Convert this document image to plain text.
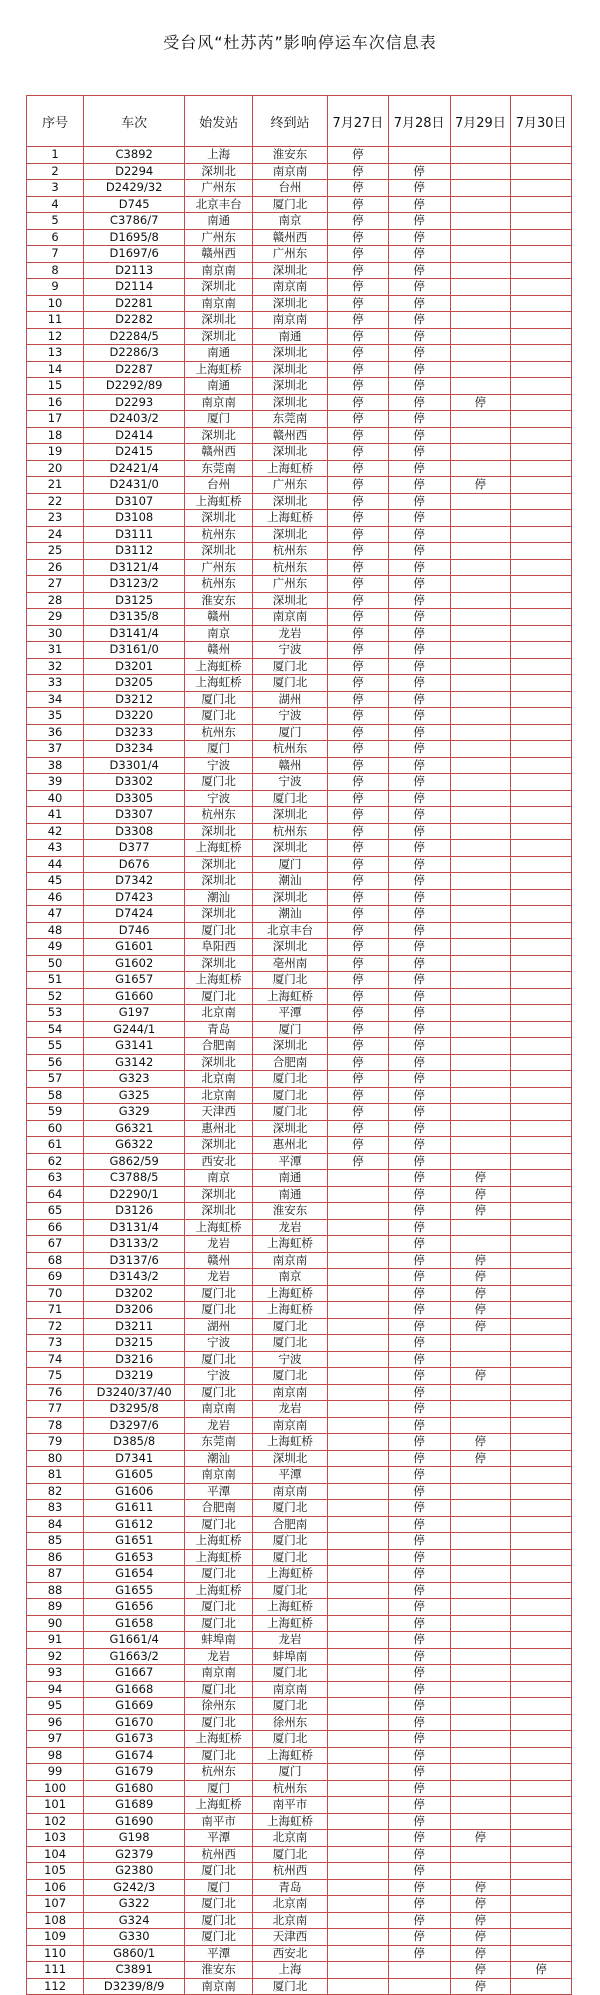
受台风“杜苏芮”影响停运车次信息表
序号	车次	始发站	终到站	7月27日	7月28日	7月29日	7月30日
1	C3892	上海	淮安东	停			
2	D2294	深圳北	南京南	停	停		
3	D2429/32	广州东	台州	停	停		
4	D745	北京丰台	厦门北	停	停		
5	C3786/7	南通	南京	停	停		
6	D1695/8	广州东	赣州西	停	停		
7	D1697/6	赣州西	广州东	停	停		
8	D2113	南京南	深圳北	停	停		
9	D2114	深圳北	南京南	停	停		
10	D2281	南京南	深圳北	停	停		
11	D2282	深圳北	南京南	停	停		
12	D2284/5	深圳北	南通	停	停		
13	D2286/3	南通	深圳北	停	停		
14	D2287	上海虹桥	深圳北	停	停		
15	D2292/89	南通	深圳北	停	停		
16	D2293	南京南	深圳北	停	停	停	
17	D2403/2	厦门	东莞南	停	停		
18	D2414	深圳北	赣州西	停	停		
19	D2415	赣州西	深圳北	停	停		
20	D2421/4	东莞南	上海虹桥	停	停		
21	D2431/0	台州	广州东	停	停	停	
22	D3107	上海虹桥	深圳北	停	停		
23	D3108	深圳北	上海虹桥	停	停		
24	D3111	杭州东	深圳北	停	停		
25	D3112	深圳北	杭州东	停	停		
26	D3121/4	广州东	杭州东	停	停		
27	D3123/2	杭州东	广州东	停	停		
28	D3125	淮安东	深圳北	停	停		
29	D3135/8	赣州	南京南	停	停		
30	D3141/4	南京	龙岩	停	停		
31	D3161/0	赣州	宁波	停	停		
32	D3201	上海虹桥	厦门北	停	停		
33	D3205	上海虹桥	厦门北	停	停		
34	D3212	厦门北	湖州	停	停		
35	D3220	厦门北	宁波	停	停		
36	D3233	杭州东	厦门	停	停		
37	D3234	厦门	杭州东	停	停		
38	D3301/4	宁波	赣州	停	停		
39	D3302	厦门北	宁波	停	停		
40	D3305	宁波	厦门北	停	停		
41	D3307	杭州东	深圳北	停	停		
42	D3308	深圳北	杭州东	停	停		
43	D377	上海虹桥	深圳北	停	停		
44	D676	深圳北	厦门	停	停		
45	D7342	深圳北	潮汕	停	停		
46	D7423	潮汕	深圳北	停	停		
47	D7424	深圳北	潮汕	停	停		
48	D746	厦门北	北京丰台	停	停		
49	G1601	阜阳西	深圳北	停	停		
50	G1602	深圳北	亳州南	停	停		
51	G1657	上海虹桥	厦门北	停	停		
52	G1660	厦门北	上海虹桥	停	停		
53	G197	北京南	平潭	停	停		
54	G244/1	青岛	厦门	停	停		
55	G3141	合肥南	深圳北	停	停		
56	G3142	深圳北	合肥南	停	停		
57	G323	北京南	厦门北	停	停		
58	G325	北京南	厦门北	停	停		
59	G329	天津西	厦门北	停	停		
60	G6321	惠州北	深圳北	停	停		
61	G6322	深圳北	惠州北	停	停		
62	G862/59	西安北	平潭	停	停		
63	C3788/5	南京	南通		停	停	
64	D2290/1	深圳北	南通		停	停	
65	D3126	深圳北	淮安东		停	停	
66	D3131/4	上海虹桥	龙岩		停		
67	D3133/2	龙岩	上海虹桥		停		
68	D3137/6	赣州	南京南		停	停	
69	D3143/2	龙岩	南京		停	停	
70	D3202	厦门北	上海虹桥		停	停	
71	D3206	厦门北	上海虹桥		停	停	
72	D3211	湖州	厦门北		停	停	
73	D3215	宁波	厦门北		停		
74	D3216	厦门北	宁波		停		
75	D3219	宁波	厦门北		停	停	
76	D3240/37/40	厦门北	南京南		停		
77	D3295/8	南京南	龙岩		停		
78	D3297/6	龙岩	南京南		停		
79	D385/8	东莞南	上海虹桥		停	停	
80	D7341	潮汕	深圳北		停	停	
81	G1605	南京南	平潭		停		
82	G1606	平潭	南京南		停		
83	G1611	合肥南	厦门北		停		
84	G1612	厦门北	合肥南		停		
85	G1651	上海虹桥	厦门北		停		
86	G1653	上海虹桥	厦门北		停		
87	G1654	厦门北	上海虹桥		停		
88	G1655	上海虹桥	厦门北		停		
89	G1656	厦门北	上海虹桥		停		
90	G1658	厦门北	上海虹桥		停		
91	G1661/4	蚌埠南	龙岩		停		
92	G1663/2	龙岩	蚌埠南		停		
93	G1667	南京南	厦门北		停		
94	G1668	厦门北	南京南		停		
95	G1669	徐州东	厦门北		停		
96	G1670	厦门北	徐州东		停		
97	G1673	上海虹桥	厦门北		停		
98	G1674	厦门北	上海虹桥		停		
99	G1679	杭州东	厦门		停		
100	G1680	厦门	杭州东		停		
101	G1689	上海虹桥	南平市		停		
102	G1690	南平市	上海虹桥		停		
103	G198	平潭	北京南		停	停	
104	G2379	杭州西	厦门北		停		
105	G2380	厦门北	杭州西		停		
106	G242/3	厦门	青岛		停	停	
107	G322	厦门北	北京南		停	停	
108	G324	厦门北	北京南		停	停	
109	G330	厦门北	天津西		停	停	
110	G860/1	平潭	西安北		停	停	
111	C3891	淮安东	上海			停	停
112	D3239/8/9	南京南	厦门北			停	
